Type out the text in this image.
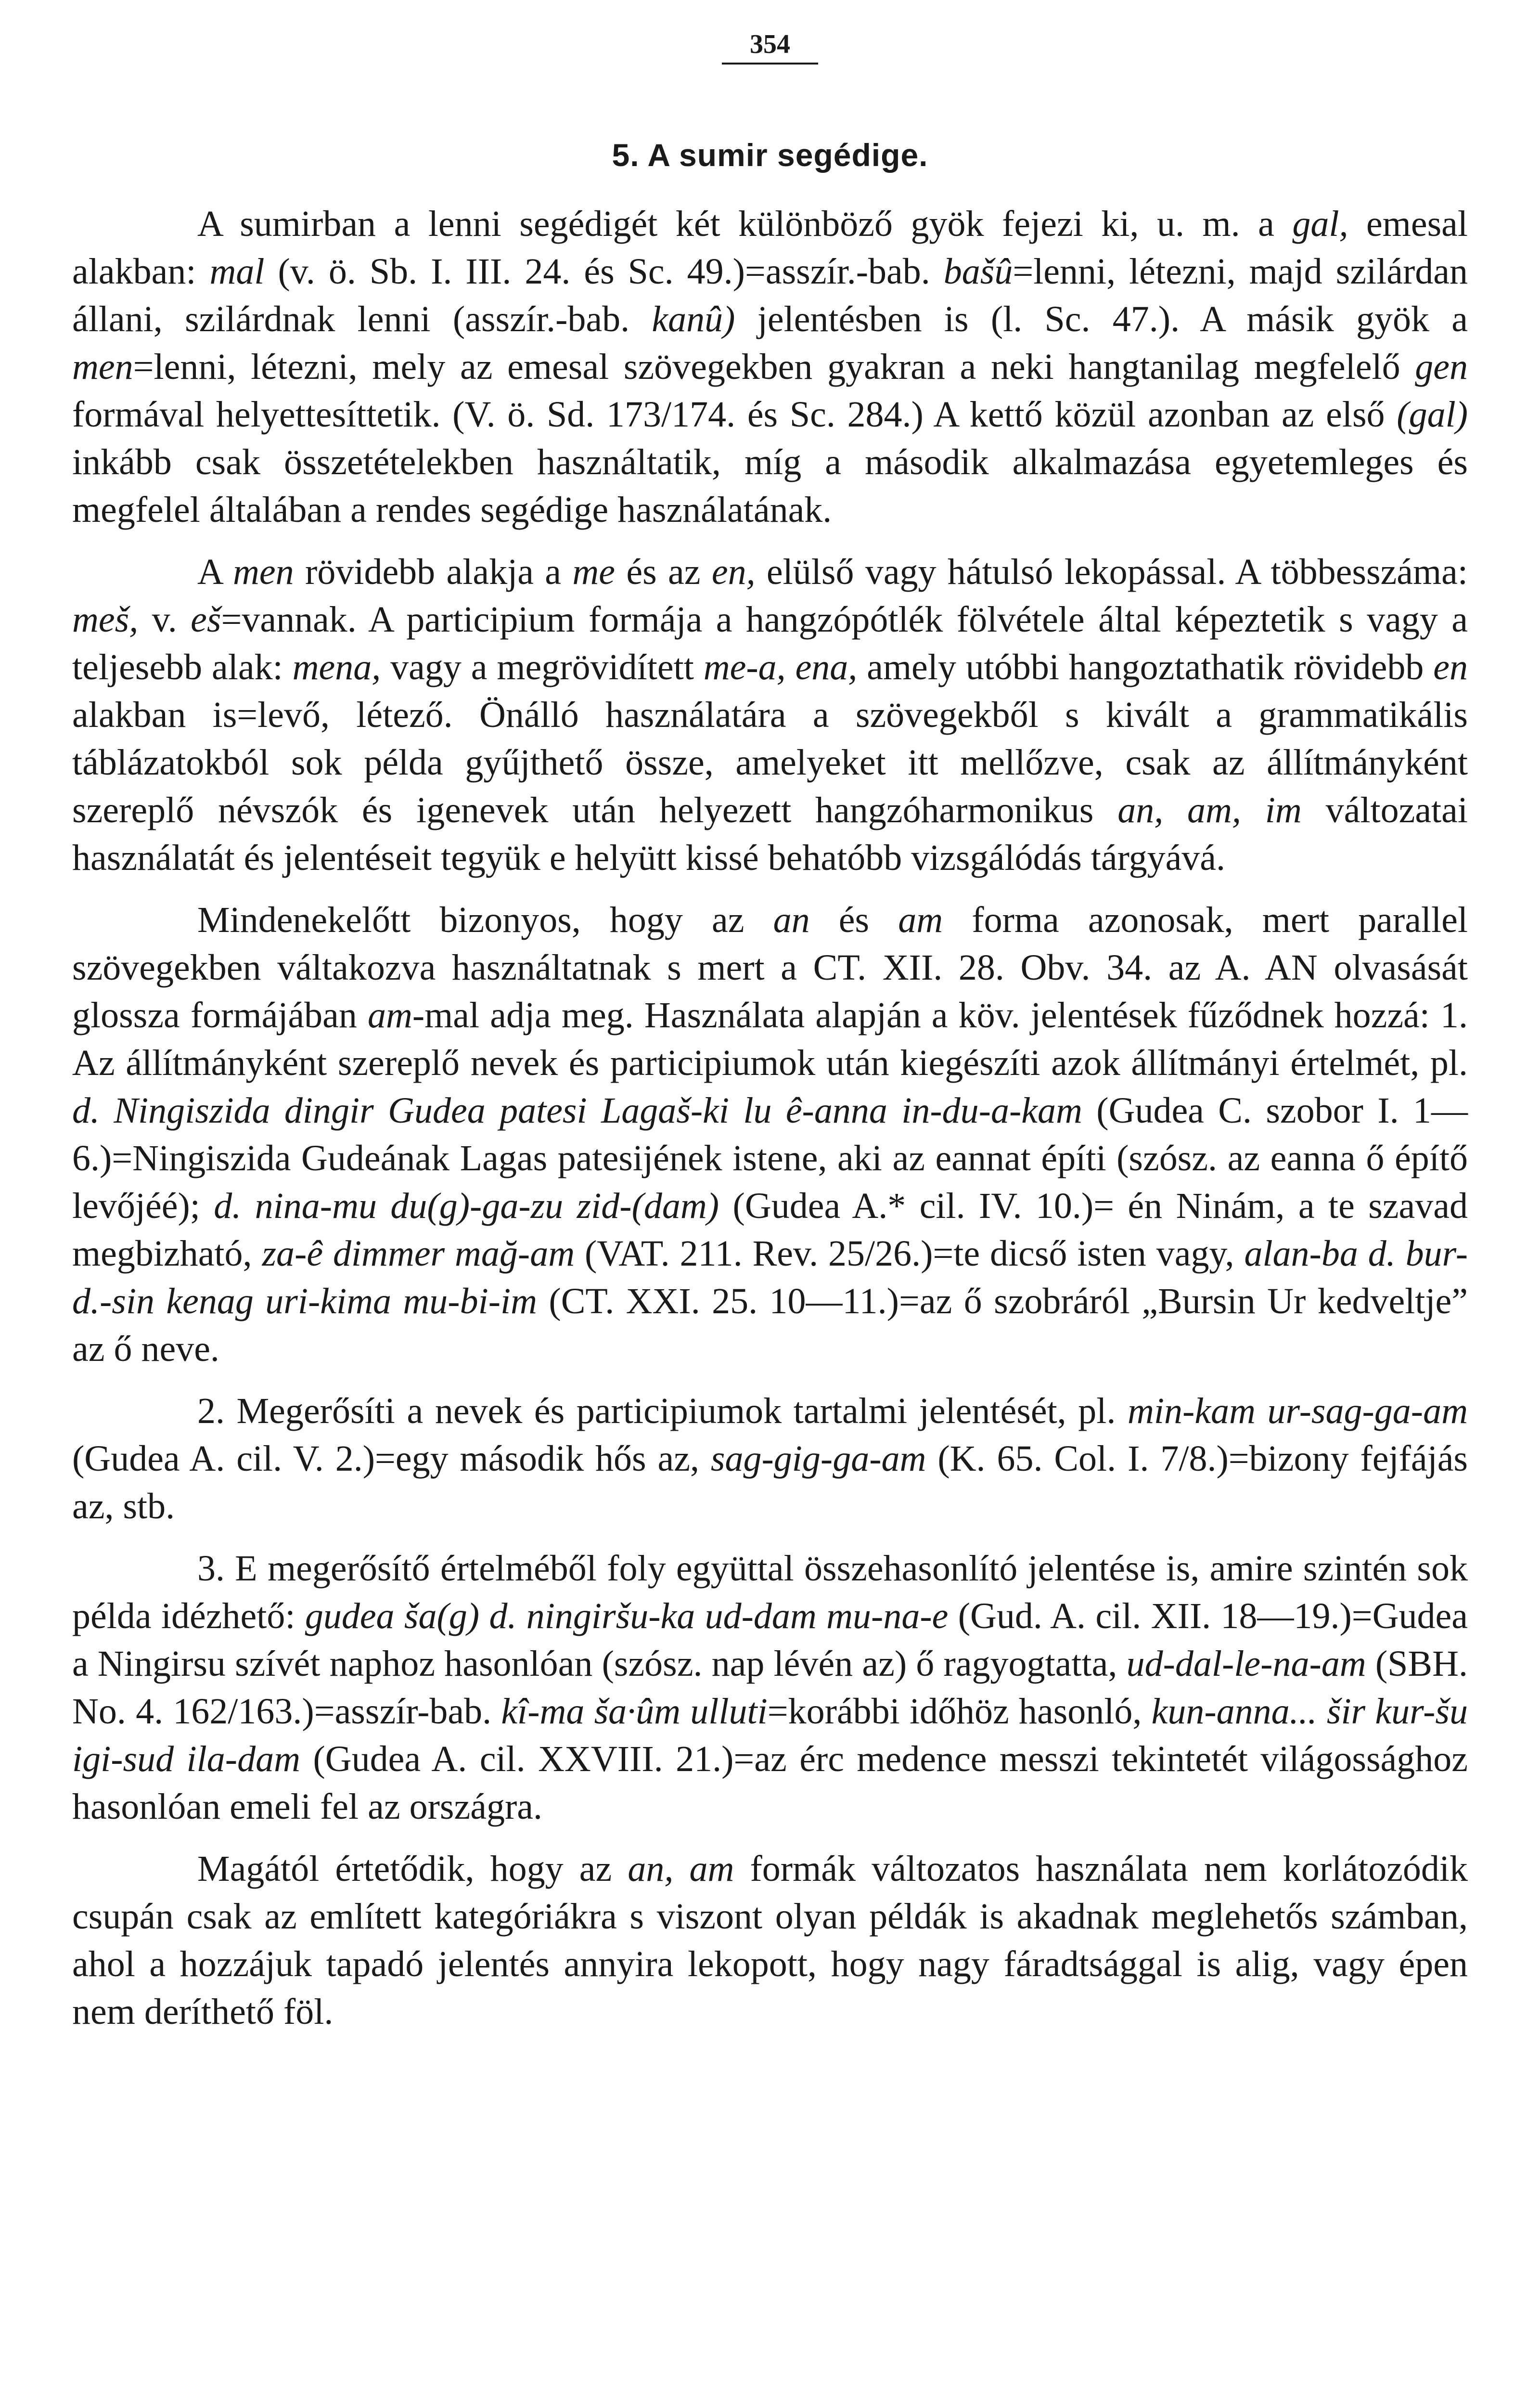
354
5. A sumir segédige.

A sumirban a lenni segédigét két különböző gyök fejezi ki, u. m. a gal, emesal alakban: mal (v. ö. Sb. I. III. 24. és Sc. 49.)=asszír.-bab. bašû=lenni, létezni, majd szilárdan állani, szilárdnak lenni (asszír.-bab. kanû) jelentésben is (l. Sc. 47.). A másik gyök a men=lenni, létezni, mely az emesal szövegekben gyakran a neki hangtanilag megfelelő gen formával helyettesíttetik. (V. ö. Sd. 173/174. és Sc. 284.) A kettő közül azonban az első (gal) inkább csak összetételekben használtatik, míg a második alkalmazása egyetemleges és megfelel általában a rendes segédige használatának.

A men rövidebb alakja a me és az en, elülső vagy hátulsó lekopással. A többesszáma: meš, v. eš=vannak. A participium formája a hangzópótlék fölvétele által képeztetik s vagy a teljesebb alak: mena, vagy a megrövidített me-a, ena, amely utóbbi hangoztathatik rövidebb en alakban is=levő, létező. Önálló használatára a szövegekből s kivált a grammatikális táblázatokból sok példa gyűjthető össze, amelyeket itt mellőzve, csak az állítmányként szereplő névszók és igenevek után helyezett hangzóharmonikus an, am, im változatai használatát és jelentéseit tegyük e helyütt kissé behatóbb vizsgálódás tárgyává.

Mindenekelőtt bizonyos, hogy az an és am forma azonosak, mert parallel szövegekben váltakozva használtatnak s mert a CT. XII. 28. Obv. 34. az A. AN olvasását glossza formájában am-mal adja meg. Használata alapján a köv. jelentések fűződnek hozzá: 1. Az állítmányként szereplő nevek és participiumok után kiegészíti azok állítmányi értelmét, pl. d. Ningiszida dingir Gudea patesi Lagaš-ki lu ê-anna in-du-a-kam (Gudea C. szobor I. 1—6.)=Ningiszida Gudeának Lagas patesijének istene, aki az eannat építi (szósz. az eanna ő építő levőjéé); d. nina-mu du(g)-ga-zu zid-(dam) (Gudea A.* cil. IV. 10.)= én Ninám, a te szavad megbizható, za-ê dimmer mağ-am (VAT. 211. Rev. 25/26.)=te dicső isten vagy, alan-ba d. bur-d.-sin kenag uri-kima mu-bi-im (CT. XXI. 25. 10—11.)=az ő szobráról „Bursin Ur kedveltje” az ő neve.

2. Megerősíti a nevek és participiumok tartalmi jelentését, pl. min-kam ur-sag-ga-am (Gudea A. cil. V. 2.)=egy második hős az, sag-gig-ga-am (K. 65. Col. I. 7/8.)=bizony fejfájás az, stb.

3. E megerősítő értelméből foly együttal összehasonlító jelentése is, amire szintén sok példa idézhető: gudea ša(g) d. ningiršu-ka ud-dam mu-na-e (Gud. A. cil. XII. 18—19.)=Gudea a Ningirsu szívét naphoz hasonlóan (szósz. nap lévén az) ő ragyogtatta, ud-dal-le-na-am (SBH. No. 4. 162/163.)=asszír-bab. kî-ma ša·ûm ulluti=korábbi időhöz hasonló, kun-anna... šir kur-šu igi-sud ila-dam (Gudea A. cil. XXVIII. 21.)=az érc medence messzi tekintetét világossághoz hasonlóan emeli fel az országra.

Magától értetődik, hogy az an, am formák változatos használata nem korlátozódik csupán csak az említett kategóriákra s viszont olyan példák is akadnak meglehetős számban, ahol a hozzájuk tapadó jelentés annyira lekopott, hogy nagy fáradtsággal is alig, vagy épen nem deríthető föl.
